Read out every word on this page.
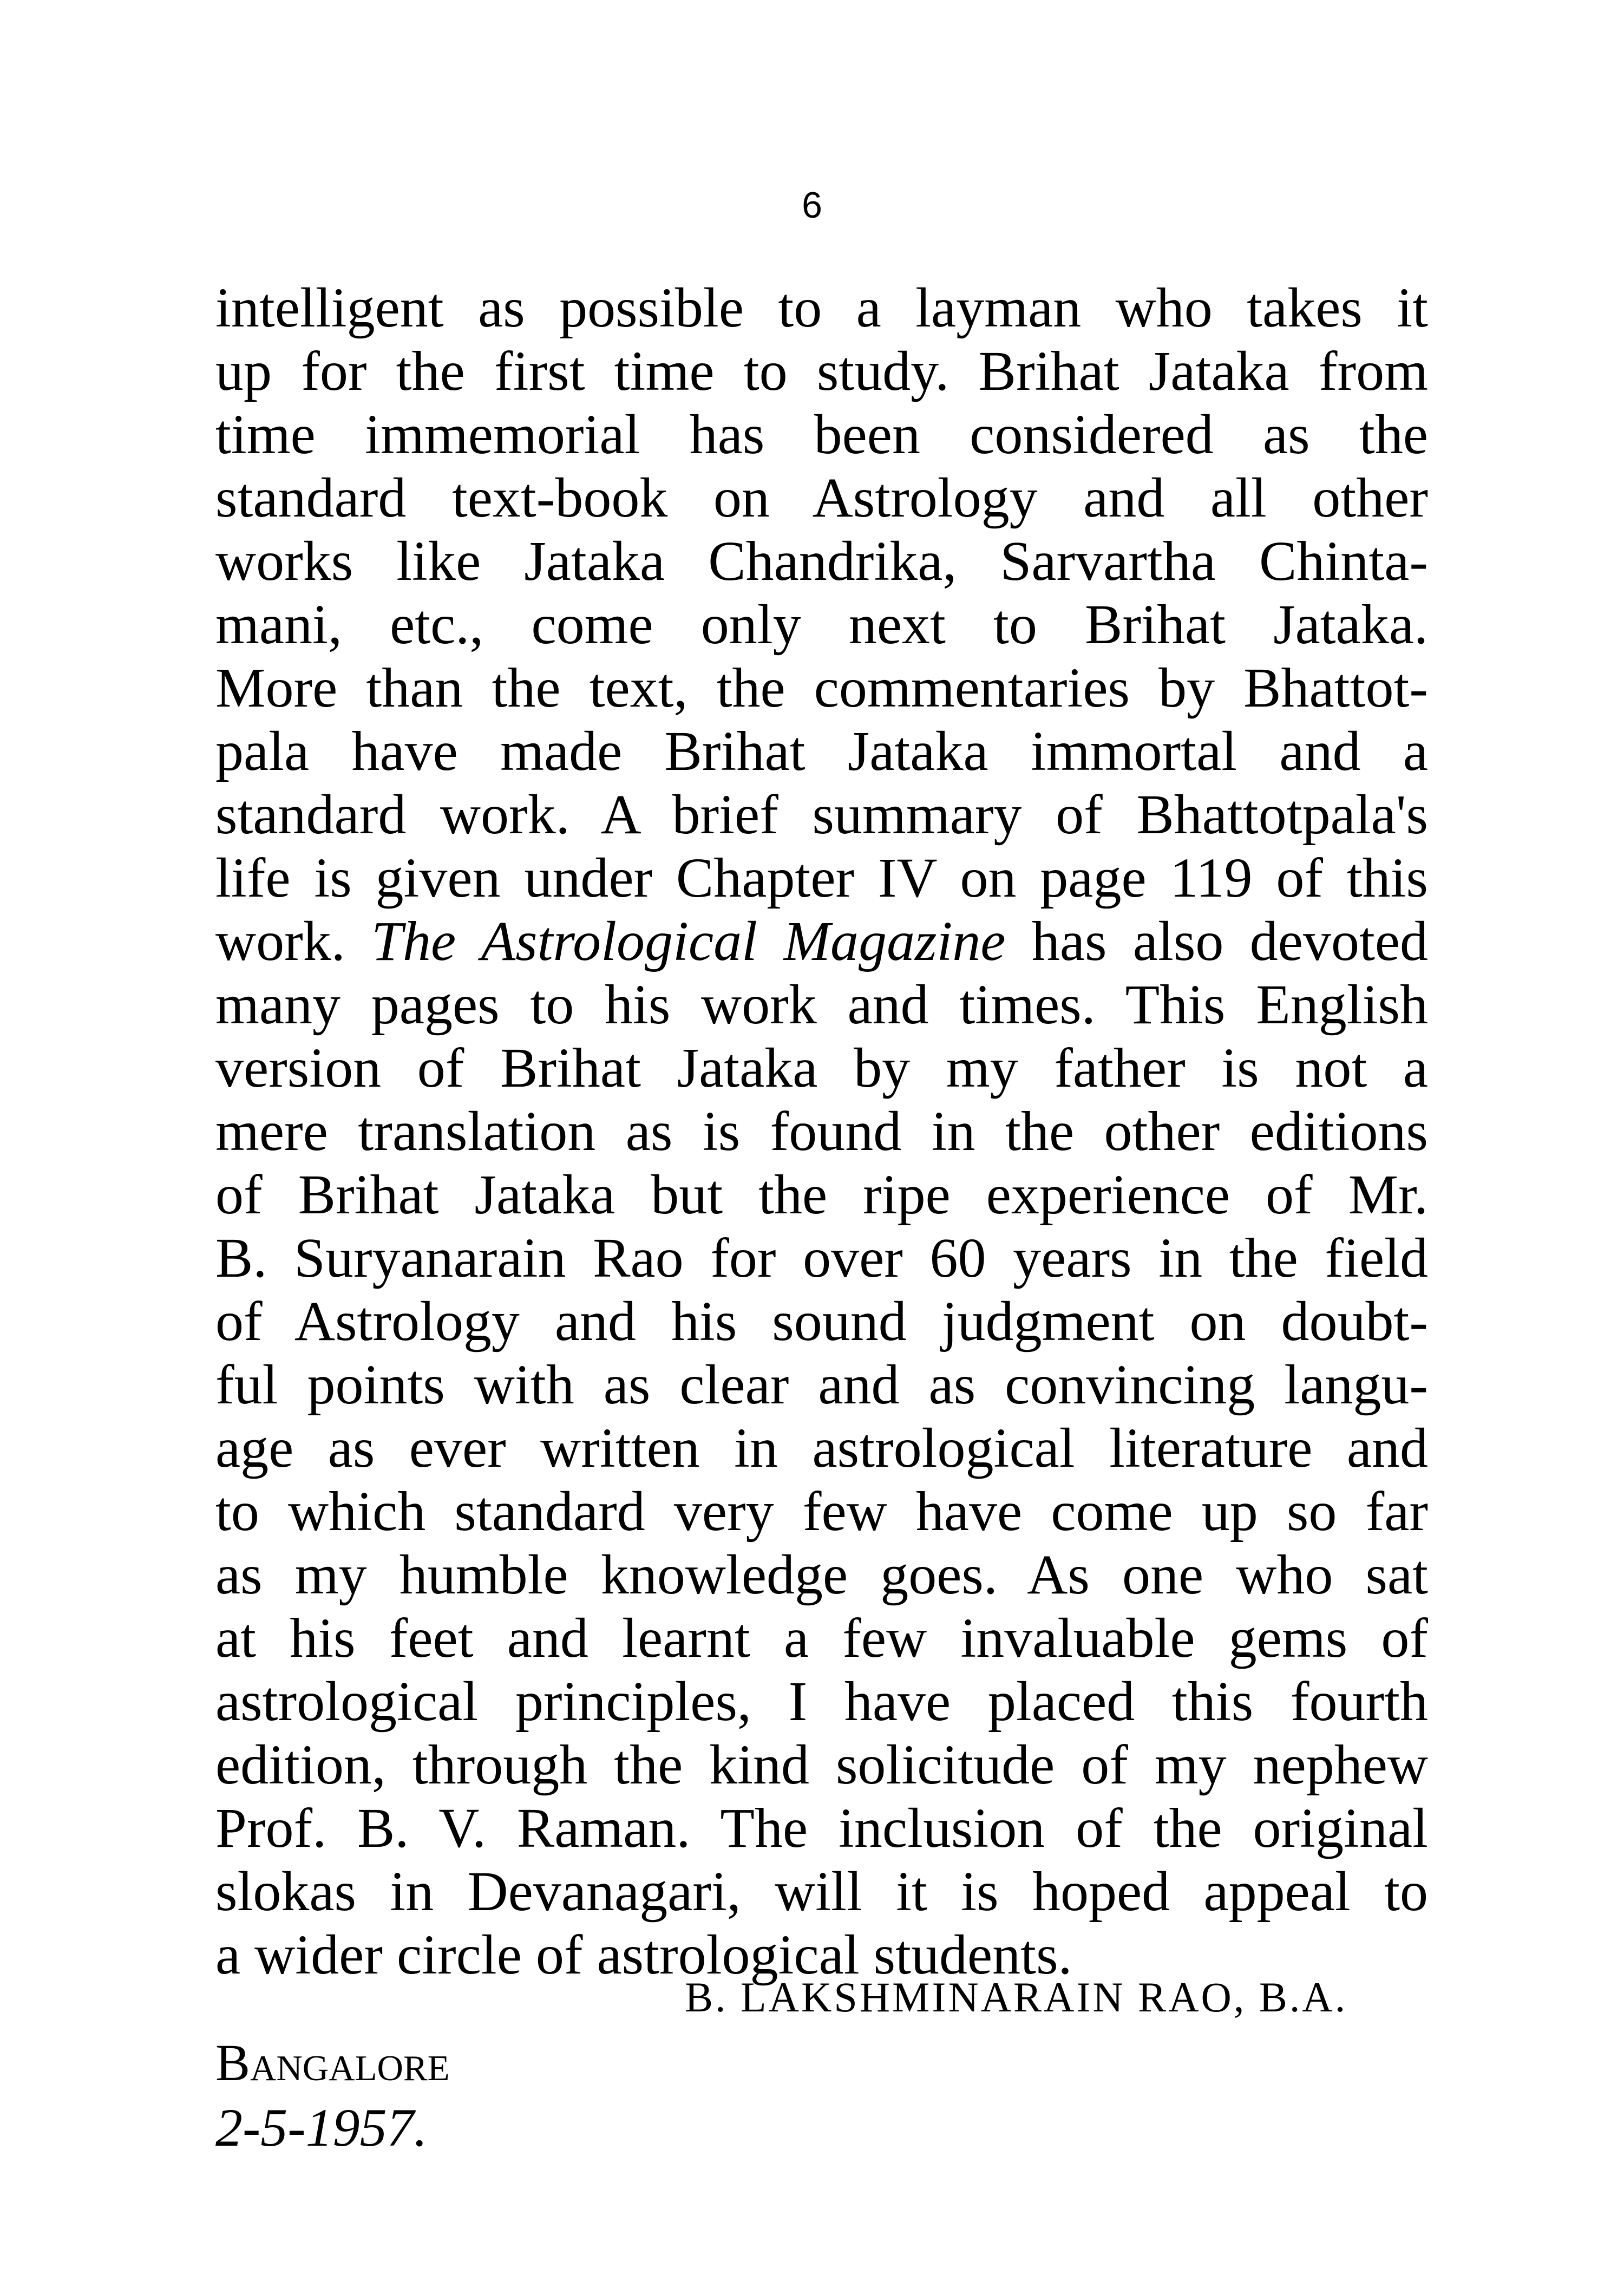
6
intelligent as possible to a layman who takes it
up for the first time to study. Brihat Jataka from
time immemorial has been considered as the
standard text-book on Astrology and all other
works like Jataka Chandrika, Sarvartha Chinta-
mani, etc., come only next to Brihat Jataka.
More than the text, the commentaries by Bhattot-
pala have made Brihat Jataka immortal and a
standard work. A brief summary of Bhattotpala's
life is given under Chapter IV on page 119 of this
work. The Astrological Magazine has also devoted
many pages to his work and times. This English
version of Brihat Jataka by my father is not a
mere translation as is found in the other editions
of Brihat Jataka but the ripe experience of Mr.
B. Suryanarain Rao for over 60 years in the field
of Astrology and his sound judgment on doubt-
ful points with as clear and as convincing langu-
age as ever written in astrological literature and
to which standard very few have come up so far
as my humble knowledge goes. As one who sat
at his feet and learnt a few invaluable gems of
astrological principles, I have placed this fourth
edition, through the kind solicitude of my nephew
Prof. B. V. Raman. The inclusion of the original
slokas in Devanagari, will it is hoped appeal to
a wider circle of astrological students.
B. LAKSHMINARAIN RAO, B.A.
Bangalore
2-5-1957.
